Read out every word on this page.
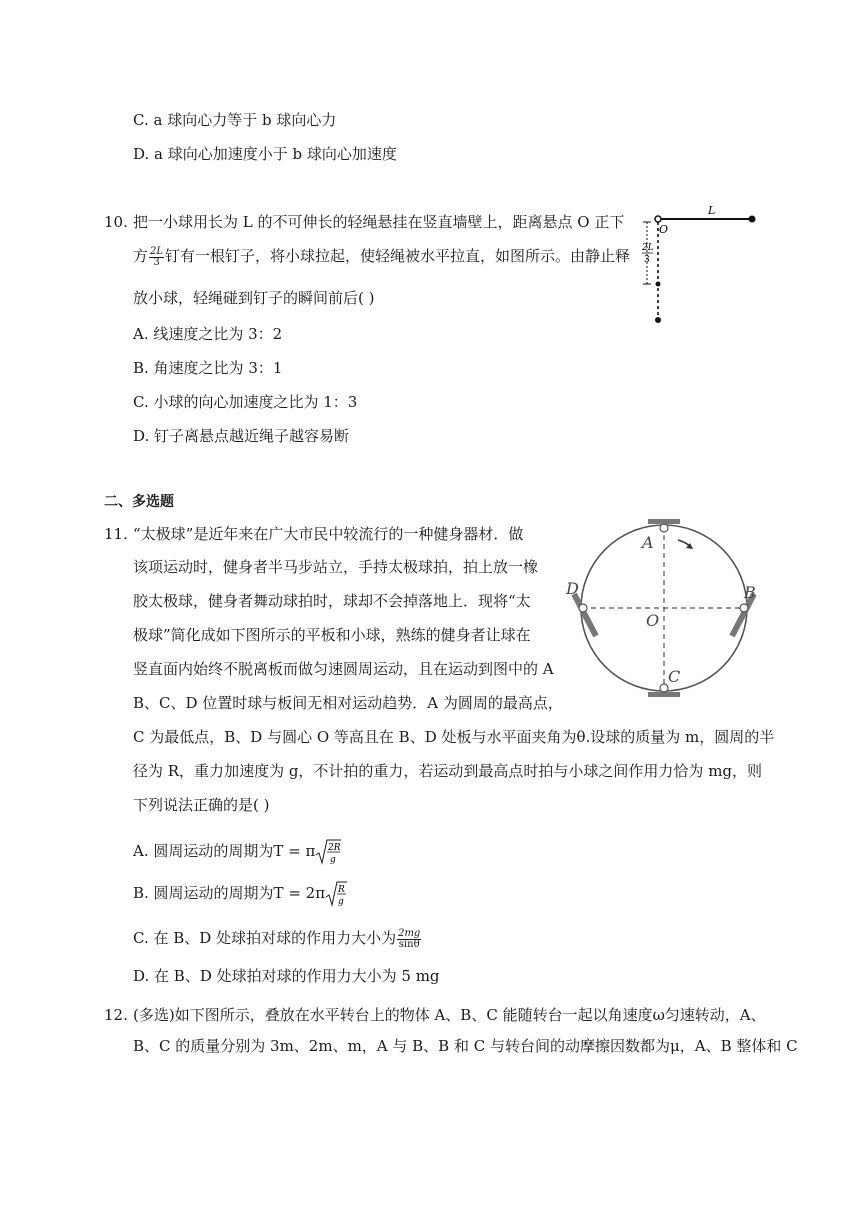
C. a 球向心力等于 b 球向心力
D. a 球向心加速度小于 b 球向心加速度
10. 把一小球用长为 L 的不可伸长的轻绳悬挂在竖直墙壁上，距离悬点 O 正下
方 $\frac{2L}{3}$ 钉有一根钉子，将小球拉起，使轻绳被水平拉直，如图所示。由静止释
放小球，轻绳碰到钉子的瞬间前后( )
A. 线速度之比为 3：2
B. 角速度之比为 3：1
C. 小球的向心加速度之比为 1：3
D. 钉子离悬点越近绳子越容易断
O
L
2L
3
二、多选题
11. “太极球”是近年来在广大市民中较流行的一种健身器材．做
该项运动时，健身者半马步站立，手持太极球拍，拍上放一橡
胶太极球，健身者舞动球拍时，球却不会掉落地上．现将“太
极球”简化成如下图所示的平板和小球，熟练的健身者让球在
竖直面内始终不脱离板而做匀速圆周运动，且在运动到图中的 A
B、C、D 位置时球与板间无相对运动趋势．A 为圆周的最高点，
C 为最低点，B、D 与圆心 O 等高且在 B、D 处板与水平面夹角为θ.设球的质量为 m，圆周的半
径为 R，重力加速度为 g，不计拍的重力，若运动到最高点时拍与小球之间作用力恰为 mg，则
下列说法正确的是( )
A. 圆周运动的周期为T = π 2R
g
B. 圆周运动的周期为T = 2π R
g
C. 在 B、D 处球拍对球的作用力大小为 $\frac{2mg}{\sin\theta}$
D. 在 B、D 处球拍对球的作用力大小为 5 mg
A
B
C
D
O
12. (多选)如下图所示，叠放在水平转台上的物体 A、B、C 能随转台一起以角速度ω匀速转动，A、
B、C 的质量分别为 3m、2m、m，A 与 B、B 和 C 与转台间的动摩擦因数都为μ，A、B 整体和 C
